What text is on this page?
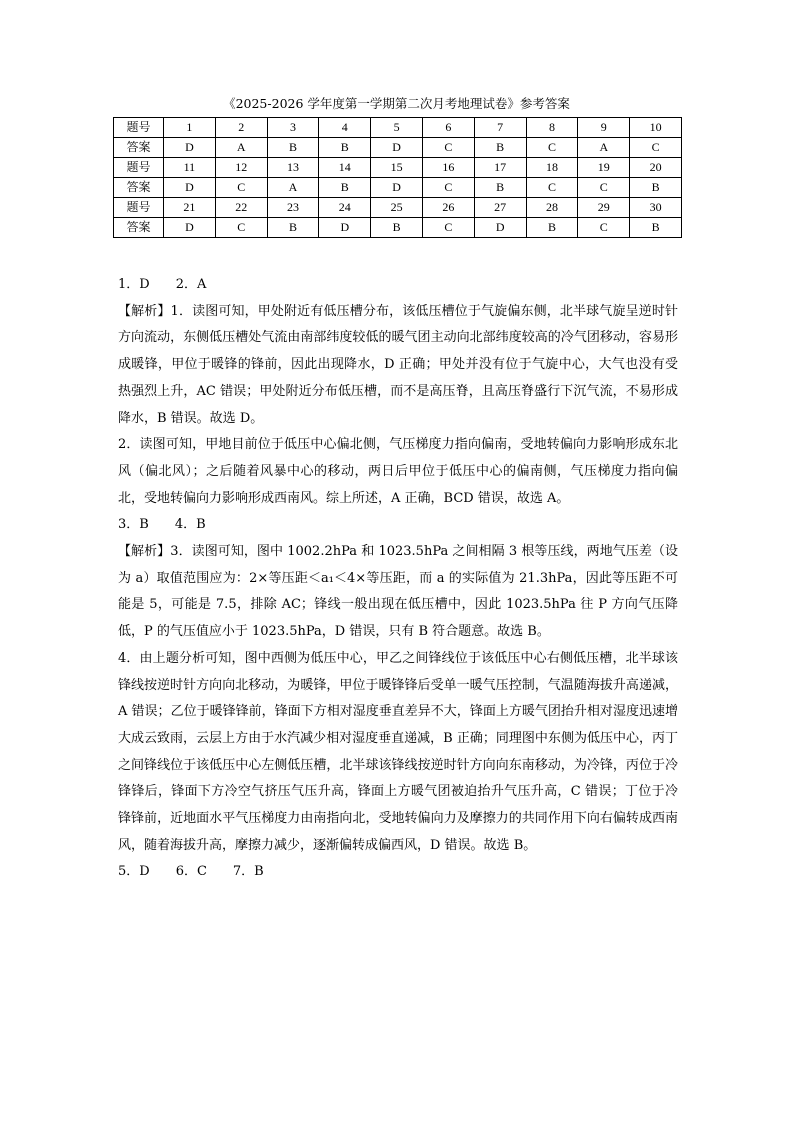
《2025-2026 学年度第一学期第二次月考地理试卷》参考答案
题号	1	2	3	4	5	6	7	8	9	10
答案	D	A	B	B	D	C	B	C	A	C
题号	11	12	13	14	15	16	17	18	19	20
答案	D	C	A	B	D	C	B	C	C	B
题号	21	22	23	24	25	26	27	28	29	30
答案	D	C	B	D	B	C	D	B	C	B

1．D　　2．A

【解析】1．读图可知，甲处附近有低压槽分布，该低压槽位于气旋偏东侧，北半球气旋呈逆时针方向流动，东侧低压槽处气流由南部纬度较低的暖气团主动向北部纬度较高的冷气团移动，容易形成暖锋，甲位于暖锋的锋前，因此出现降水，D 正确；甲处并没有位于气旋中心，大气也没有受热强烈上升，AC 错误；甲处附近分布低压槽，而不是高压脊，且高压脊盛行下沉气流，不易形成降水，B 错误。故选 D。

2．读图可知，甲地目前位于低压中心偏北侧，气压梯度力指向偏南，受地转偏向力影响形成东北风（偏北风）；之后随着风暴中心的移动，两日后甲位于低压中心的偏南侧，气压梯度力指向偏北，受地转偏向力影响形成西南风。综上所述，A 正确，BCD 错误，故选 A。

3．B　　4．B

【解析】3．读图可知，图中 1002.2hPa 和 1023.5hPa 之间相隔 3 根等压线，两地气压差（设为 a）取值范围应为：2×等压距＜a₁＜4×等压距，而 a 的实际值为 21.3hPa，因此等压距不可能是 5，可能是 7.5，排除 AC；锋线一般出现在低压槽中，因此 1023.5hPa 往 P 方向气压降低，P 的气压值应小于 1023.5hPa，D 错误，只有 B 符合题意。故选 B。

4．由上题分析可知，图中西侧为低压中心，甲乙之间锋线位于该低压中心右侧低压槽，北半球该锋线按逆时针方向向北移动，为暖锋，甲位于暖锋锋后受单一暖气压控制，气温随海拔升高递减，A 错误；乙位于暖锋锋前，锋面下方相对湿度垂直差异不大，锋面上方暖气团抬升相对湿度迅速增大成云致雨，云层上方由于水汽减少相对湿度垂直递减，B 正确；同理图中东侧为低压中心，丙丁之间锋线位于该低压中心左侧低压槽，北半球该锋线按逆时针方向向东南移动，为冷锋，丙位于冷锋锋后，锋面下方冷空气挤压气压升高，锋面上方暖气团被迫抬升气压升高，C 错误；丁位于冷锋锋前，近地面水平气压梯度力由南指向北，受地转偏向力及摩擦力的共同作用下向右偏转成西南风，随着海拔升高，摩擦力减少，逐渐偏转成偏西风，D 错误。故选 B。

5．D　　6．C　　7．B
